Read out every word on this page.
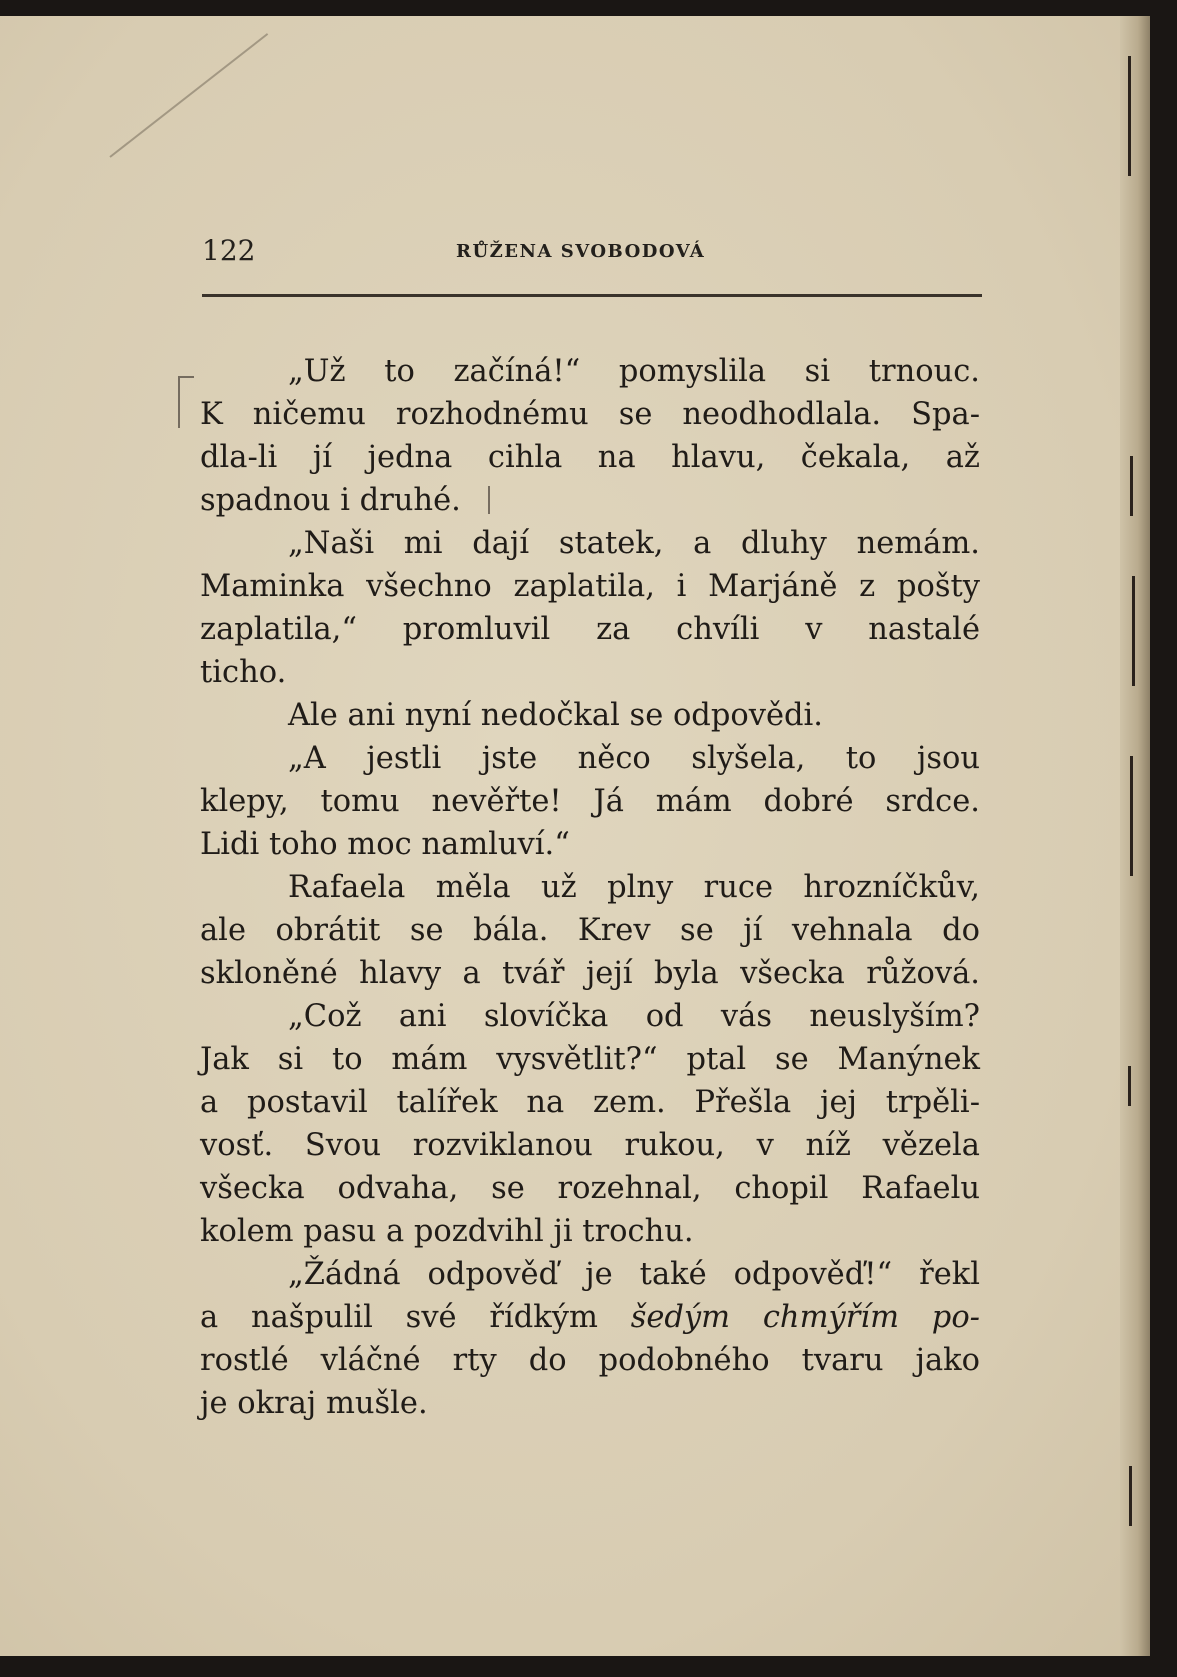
122	RŮŽENA SVOBODOVÁ
„Už to začíná!“ pomyslila si trnouc.
K ničemu rozhodnému se neodhodlala. Spa-
dla-li jí jedna cihla na hlavu, čekala, až
spadnou i druhé.
„Naši mi dají statek, a dluhy nemám.
Maminka všechno zaplatila, i Marjáně z pošty
zaplatila,“ promluvil za chvíli v nastalé
ticho.
Ale ani nyní nedočkal se odpovědi.
„A jestli jste něco slyšela, to jsou
klepy, tomu nevěřte! Já mám dobré srdce.
Lidi toho moc namluví.“
Rafaela měla už plny ruce hrozníčkův,
ale obrátit se bála. Krev se jí vehnala do
skloněné hlavy a tvář její byla všecka růžová.
„Což ani slovíčka od vás neuslyším?
Jak si to mám vysvětlit?“ ptal se Manýnek
a postavil talířek na zem. Přešla jej trpěli-
vosť. Svou rozviklanou rukou, v níž vězela
všecka odvaha, se rozehnal, chopil Rafaelu
kolem pasu a pozdvihl ji trochu.
„Žádná odpověď je také odpověď!“ řekl
a našpulil své řídkým šedým chmýřím po-
rostlé vláčné rty do podobného tvaru jako
je okraj mušle.
